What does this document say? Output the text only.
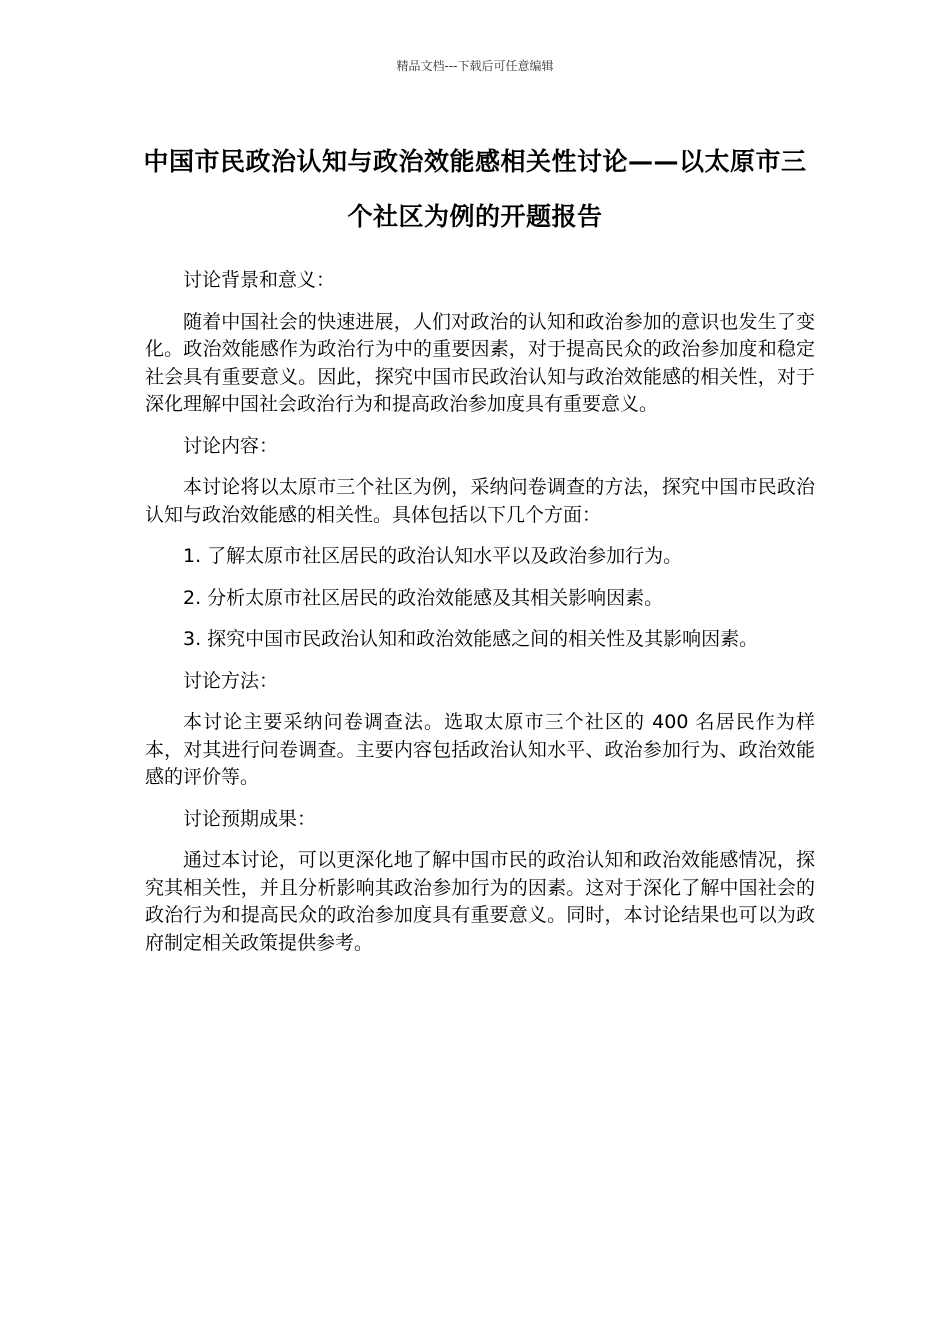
精品文档---下载后可任意编辑
中国市民政治认知与政治效能感相关性讨论——以太原市三个社区为例的开题报告

讨论背景和意义：

随着中国社会的快速进展，人们对政治的认知和政治参加的意识也发生了变化。政治效能感作为政治行为中的重要因素，对于提高民众的政治参加度和稳定社会具有重要意义。因此，探究中国市民政治认知与政治效能感的相关性，对于深化理解中国社会政治行为和提高政治参加度具有重要意义。

讨论内容：

本讨论将以太原市三个社区为例，采纳问卷调查的方法，探究中国市民政治认知与政治效能感的相关性。具体包括以下几个方面：

1. 了解太原市社区居民的政治认知水平以及政治参加行为。

2. 分析太原市社区居民的政治效能感及其相关影响因素。

3. 探究中国市民政治认知和政治效能感之间的相关性及其影响因素。

讨论方法：

本讨论主要采纳问卷调查法。选取太原市三个社区的 400 名居民作为样本，对其进行问卷调查。主要内容包括政治认知水平、政治参加行为、政治效能感的评价等。

讨论预期成果：

通过本讨论，可以更深化地了解中国市民的政治认知和政治效能感情况，探究其相关性，并且分析影响其政治参加行为的因素。这对于深化了解中国社会的政治行为和提高民众的政治参加度具有重要意义。同时，本讨论结果也可以为政府制定相关政策提供参考。
